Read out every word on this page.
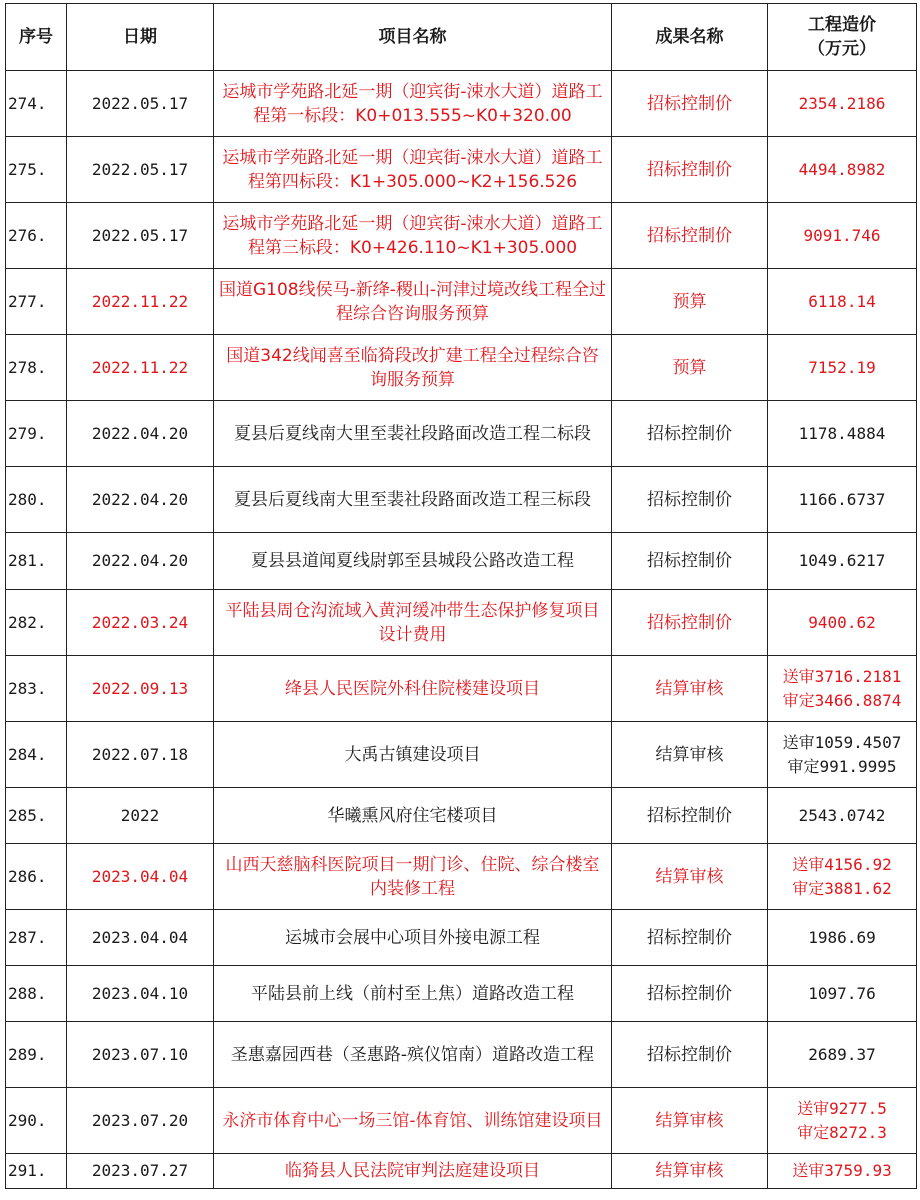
序号	日期	项目名称	成果名称	工程造价
（万元）

274.	2022.05.17	运城市学苑路北延一期（迎宾街-涑水大道）道路工程第一标段：K0+013.555~K0+320.00	招标控制价	2354.2186

275.	2022.05.17	运城市学苑路北延一期（迎宾街-涑水大道）道路工程第四标段：K1+305.000~K2+156.526	招标控制价	4494.8982

276.	2022.05.17	运城市学苑路北延一期（迎宾街-涑水大道）道路工程第三标段：K0+426.110~K1+305.000	招标控制价	9091.746

277.	2022.11.22	国道G108线侯马-新绛-稷山-河津过境改线工程全过程综合咨询服务预算	预算	6118.14

278.	2022.11.22	国道342线闻喜至临猗段改扩建工程全过程综合咨询服务预算	预算	7152.19

279.	2022.04.20	夏县后夏线南大里至裴社段路面改造工程二标段	招标控制价	1178.4884

280.	2022.04.20	夏县后夏线南大里至裴社段路面改造工程三标段	招标控制价	1166.6737

281.	2022.04.20	夏县县道闻夏线尉郭至县城段公路改造工程	招标控制价	1049.6217

282.	2022.03.24	平陆县周仓沟流域入黄河缓冲带生态保护修复项目设计费用	招标控制价	9400.62

283.	2022.09.13	绛县人民医院外科住院楼建设项目	结算审核	送审3716.2181
审定3466.8874

284.	2022.07.18	大禹古镇建设项目	结算审核	送审1059.4507
审定991.9995

285.	2022	华曦熏风府住宅楼项目	招标控制价	2543.0742

286.	2023.04.04	山西天慈脑科医院项目一期门诊、住院、综合楼室内装修工程	结算审核	送审4156.92
审定3881.62

287.	2023.04.04	运城市会展中心项目外接电源工程	招标控制价	1986.69

288.	2023.04.10	平陆县前上线（前村至上焦）道路改造工程	招标控制价	1097.76

289.	2023.07.10	圣惠嘉园西巷（圣惠路-殡仪馆南）道路改造工程	招标控制价	2689.37

290.	2023.07.20	永济市体育中心一场三馆-体育馆、训练馆建设项目	结算审核	送审9277.5
审定8272.3

291.	2023.07.27	临猗县人民法院审判法庭建设项目	结算审核	送审3759.93
